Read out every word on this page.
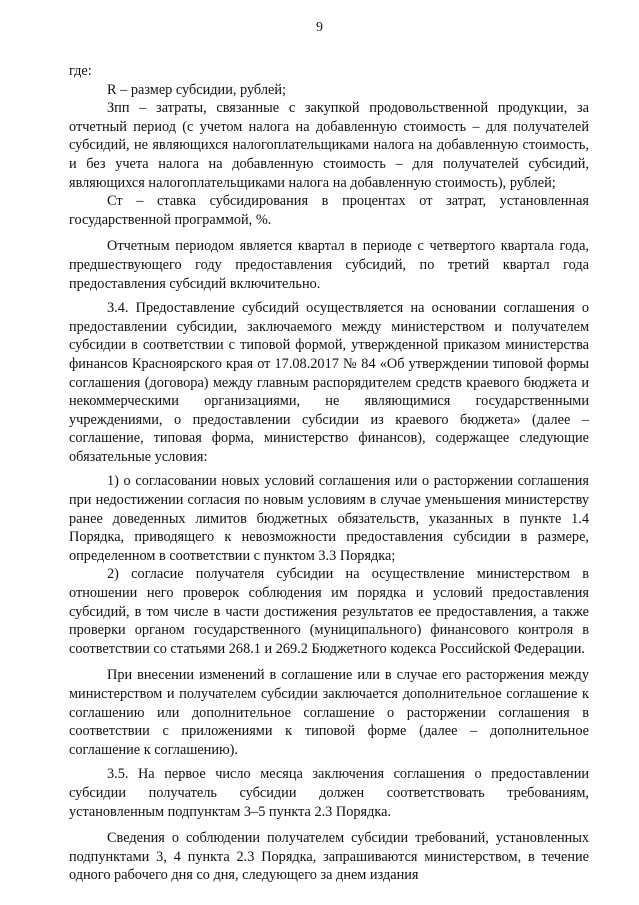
9

где:

R – размер субсидии, рублей;

Зпп – затраты, связанные с закупкой продовольственной продукции, за отчетный период (с учетом налога на добавленную стоимость – для получателей субсидий, не являющихся налогоплательщиками налога на добавленную стоимость, и без учета налога на добавленную стоимость – для получателей субсидий, являющихся налогоплательщиками налога на добавленную стоимость), рублей;

Ст – ставка субсидирования в процентах от затрат, установленная государственной программой, %.

Отчетным периодом является квартал в периоде с четвертого квартала года, предшествующего году предоставления субсидий, по третий квартал года предоставления субсидий включительно.

3.4. Предоставление субсидий осуществляется на основании соглашения о предоставлении субсидии, заключаемого между министерством и получателем субсидии в соответствии с типовой формой, утвержденной приказом министерства финансов Красноярского края от 17.08.2017 № 84 «Об утверждении типовой формы соглашения (договора) между главным распорядителем средств краевого бюджета и некоммерческими организациями, не являющимися государственными учреждениями, о предоставлении субсидии из краевого бюджета» (далее – соглашение, типовая форма, министерство финансов), содержащее следующие обязательные условия:

1) о согласовании новых условий соглашения или о расторжении соглашения при недостижении согласия по новым условиям в случае уменьшения министерству ранее доведенных лимитов бюджетных обязательств, указанных в пункте 1.4 Порядка, приводящего к невозможности предоставления субсидии в размере, определенном в соответствии с пунктом 3.3 Порядка;

2) согласие получателя субсидии на осуществление министерством в отношении него проверок соблюдения им порядка и условий предоставления субсидий, в том числе в части достижения результатов ее предоставления, а также проверки органом государственного (муниципального) финансового контроля в соответствии со статьями 268.1 и 269.2 Бюджетного кодекса Российской Федерации.

При внесении изменений в соглашение или в случае его расторжения между министерством и получателем субсидии заключается дополнительное соглашение к соглашению или дополнительное соглашение о расторжении соглашения в соответствии с приложениями к типовой форме (далее – дополнительное соглашение к соглашению).

3.5. На первое число месяца заключения соглашения о предоставлении субсидии получатель субсидии должен соответствовать требованиям, установленным подпунктам 3–5 пункта 2.3 Порядка.

Сведения о соблюдении получателем субсидии требований, установленных подпунктами 3, 4 пункта 2.3 Порядка, запрашиваются министерством, в течение одного рабочего дня со дня, следующего за днем издания
